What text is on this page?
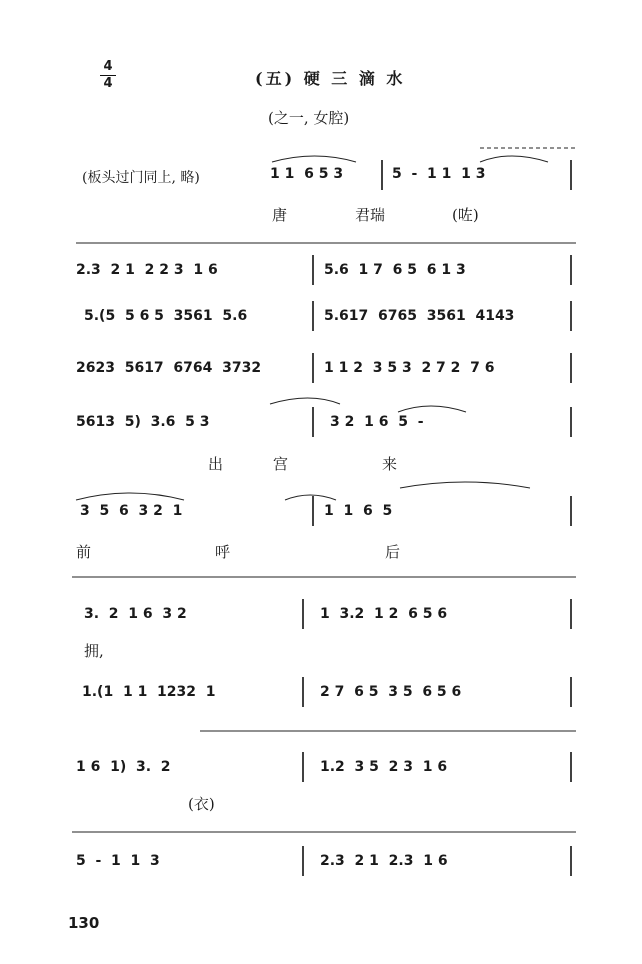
4
4	(五) 硬 三 滴 水
(之一, 女腔)
(板头过门同上, 略)	1 1  6 5 3	5  -  1 1  1 3
唐	君瑞	(咗)
2.3  2 1  2 2 3  1 6	5.6  1 7  6 5  6 1 3
5.(5  5 6 5  3561  5.6	5.617  6765  3561  4143
2623  5617  6764  3732	1 1 2  3 5 3  2 7 2  7 6
5613  5)  3.6  5 3	3 2  1 6  5  -
出	宫	来
3  5  6  3 2  1	1  1  6  5
前	呼	后
3.  2  1 6  3 2	1  3.2  1 2  6 5 6
拥,
1.(1  1 1  1232  1	2 7  6 5  3 5  6 5 6
1 6  1)  3.  2	1.2  3 5  2 3  1 6
(衣)
5  -  1  1  3	2.3  2 1  2.3  1 6
130
